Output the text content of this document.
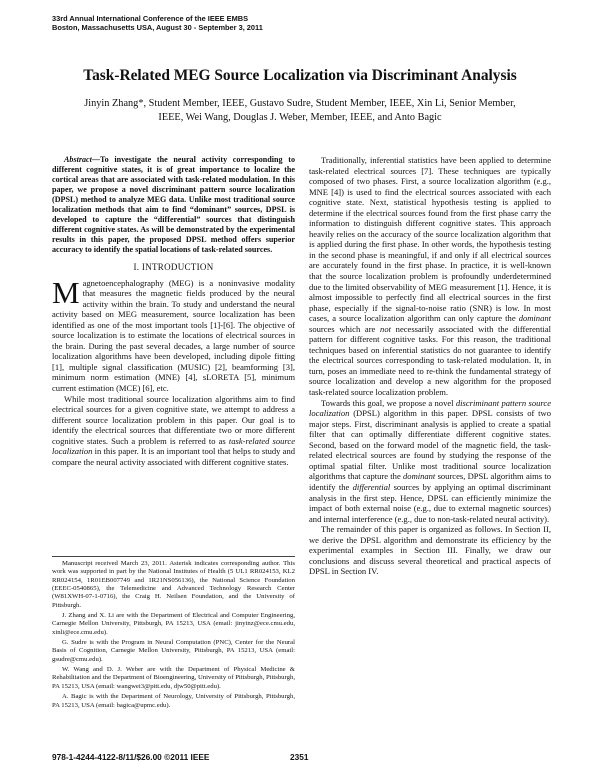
33rd Annual International Conference of the IEEE EMBS
Boston, Massachusetts USA, August 30 - September 3, 2011
Task-Related MEG Source Localization via Discriminant Analysis
Jinyin Zhang*, Student Member, IEEE, Gustavo Sudre, Student Member, IEEE, Xin Li, Senior Member,
IEEE, Wei Wang, Douglas J. Weber, Member, IEEE, and Anto Bagic

Abstract—To investigate the neural activity corresponding to different cognitive states, it is of great importance to localize the cortical areas that are associated with task-related modulation. In this paper, we propose a novel discriminant pattern source localization (DPSL) method to analyze MEG data. Unlike most traditional source localization methods that aim to find “dominant” sources, DPSL is developed to capture the “differential” sources that distinguish different cognitive states. As will be demonstrated by the experimental results in this paper, the proposed DPSL method offers superior accuracy to identify the spatial locations of task-related sources.

I. INTRODUCTION

Magnetoencephalography (MEG) is a noninvasive modality that measures the magnetic fields produced by the neural activity within the brain. To study and understand the neural activity based on MEG measurement, source localization has been identified as one of the most important tools [1]-[6]. The objective of source localization is to estimate the locations of electrical sources in the brain. During the past several decades, a large number of source localization algorithms have been developed, including dipole fitting [1], multiple signal classification (MUSIC) [2], beamforming [3], minimum norm estimation (MNE) [4], sLORETA [5], minimum current estimation (MCE) [6], etc.

While most traditional source localization algorithms aim to find electrical sources for a given cognitive state, we attempt to address a different source localization problem in this paper. Our goal is to identify the electrical sources that differentiate two or more different cognitive states. Such a problem is referred to as task-related source localization in this paper. It is an important tool that helps to study and compare the neural activity associated with different cognitive states.

Manuscript received March 23, 2011. Asterisk indicates corresponding author. This work was supported in part by the National Institutes of Health (5 UL1 RR024153, KL2 RR024154, 1R01EB007749 and 1R21NS056136), the National Science Foundation (EEEC-0540865), the Telemedicine and Advanced Technology Research Center (W81XWH-07-1-0716), the Craig H. Neilsen Foundation, and the University of Pittsburgh.

J. Zhang and X. Li are with the Department of Electrical and Computer Engineering, Carnegie Mellon University, Pittsburgh, PA 15213, USA (email: jinyinz@ece.cmu.edu, xinli@ece.cmu.edu).

G. Sudre is with the Program in Neural Computation (PNC), Center for the Neural Basis of Cognition, Carnegie Mellon University, Pittsburgh, PA 15213, USA (email: gsudre@cmu.edu).

W. Wang and D. J. Weber are with the Department of Physical Medicine & Rehabilitation and the Department of Bioengineering, University of Pittsburgh, Pittsburgh, PA 15213, USA (email: wangwei3@pitt.edu, djw50@pitt.edu).

A. Bagic is with the Department of Neurology, University of Pittsburgh, Pittsburgh, PA 15213, USA (email: bagica@upmc.edu).

Traditionally, inferential statistics have been applied to determine task-related electrical sources [7]. These techniques are typically composed of two phases. First, a source localization algorithm (e.g., MNE [4]) is used to find the electrical sources associated with each cognitive state. Next, statistical hypothesis testing is applied to determine if the electrical sources found from the first phase carry the information to distinguish different cognitive states. This approach heavily relies on the accuracy of the source localization algorithm that is applied during the first phase. In other words, the hypothesis testing in the second phase is meaningful, if and only if all electrical sources are accurately found in the first phase. In practice, it is well-known that the source localization problem is profoundly underdetermined due to the limited observability of MEG measurement [1]. Hence, it is almost impossible to perfectly find all electrical sources in the first phase, especially if the signal-to-noise ratio (SNR) is low. In most cases, a source localization algorithm can only capture the dominant sources which are not necessarily associated with the differential pattern for different cognitive tasks. For this reason, the traditional techniques based on inferential statistics do not guarantee to identify the electrical sources corresponding to task-related modulation. It, in turn, poses an immediate need to re-think the fundamental strategy of source localization and develop a new algorithm for the proposed task-related source localization problem.

Towards this goal, we propose a novel discriminant pattern source localization (DPSL) algorithm in this paper. DPSL consists of two major steps. First, discriminant analysis is applied to create a spatial filter that can optimally differentiate different cognitive states. Second, based on the forward model of the magnetic field, the task-related electrical sources are found by studying the response of the optimal spatial filter. Unlike most traditional source localization algorithms that capture the dominant sources, DPSL algorithm aims to identify the differential sources by applying an optimal discriminant analysis in the first step. Hence, DPSL can efficiently minimize the impact of both external noise (e.g., due to external magnetic sources) and internal interference (e.g., due to non-task-related neural activity).

The remainder of this paper is organized as follows. In Section II, we derive the DPSL algorithm and demonstrate its efficiency by the experimental examples in Section III. Finally, we draw our conclusions and discuss several theoretical and practical aspects of DPSL in Section IV.

978-1-4244-4122-8/11/$26.00 ©2011 IEEE	2351
